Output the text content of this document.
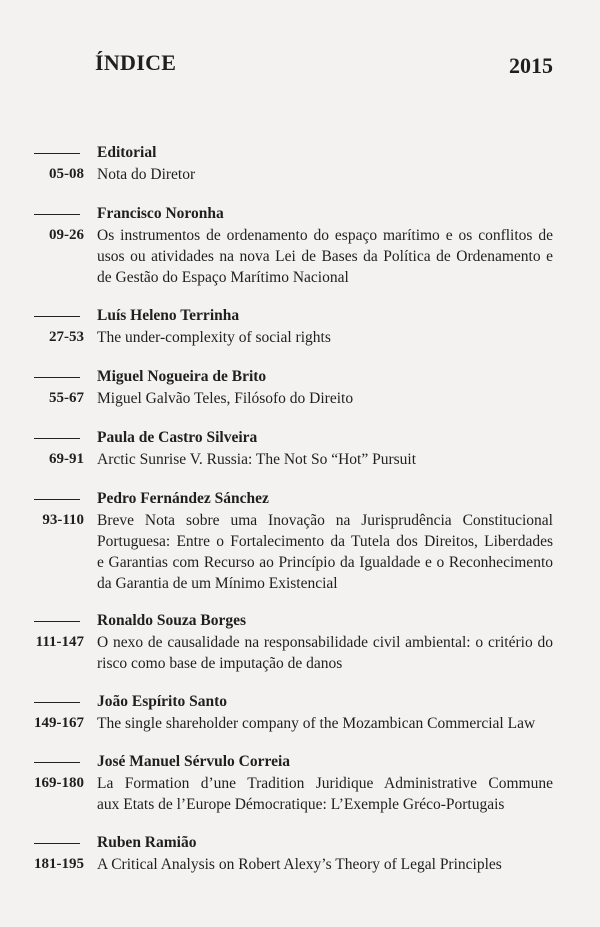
ÍNDICE	2015
Editorial
05-08 Nota do Diretor
Francisco Noronha
09-26 Os instrumentos de ordenamento do espaço marítimo e os conflitos de
usos ou atividades na nova Lei de Bases da Política de Ordenamento e
de Gestão do Espaço Marítimo Nacional
Luís Heleno Terrinha
27-53 The under-complexity of social rights
Miguel Nogueira de Brito
55-67 Miguel Galvão Teles, Filósofo do Direito
Paula de Castro Silveira
69-91 Arctic Sunrise V. Russia: The Not So “Hot” Pursuit
Pedro Fernández Sánchez
93-110 Breve Nota sobre uma Inovação na Jurisprudência Constitucional
Portuguesa: Entre o Fortalecimento da Tutela dos Direitos, Liberdades
e Garantias com Recurso ao Princípio da Igualdade e o Reconhecimento
da Garantia de um Mínimo Existencial
Ronaldo Souza Borges
111-147 O nexo de causalidade na responsabilidade civil ambiental: o critério do
risco como base de imputação de danos
João Espírito Santo
149-167 The single shareholder company of the Mozambican Commercial Law
José Manuel Sérvulo Correia
169-180 La Formation d’une Tradition Juridique Administrative Commune
aux Etats de l’Europe Démocratique: L’Exemple Gréco-Portugais
Ruben Ramião
181-195 A Critical Analysis on Robert Alexy’s Theory of Legal Principles
